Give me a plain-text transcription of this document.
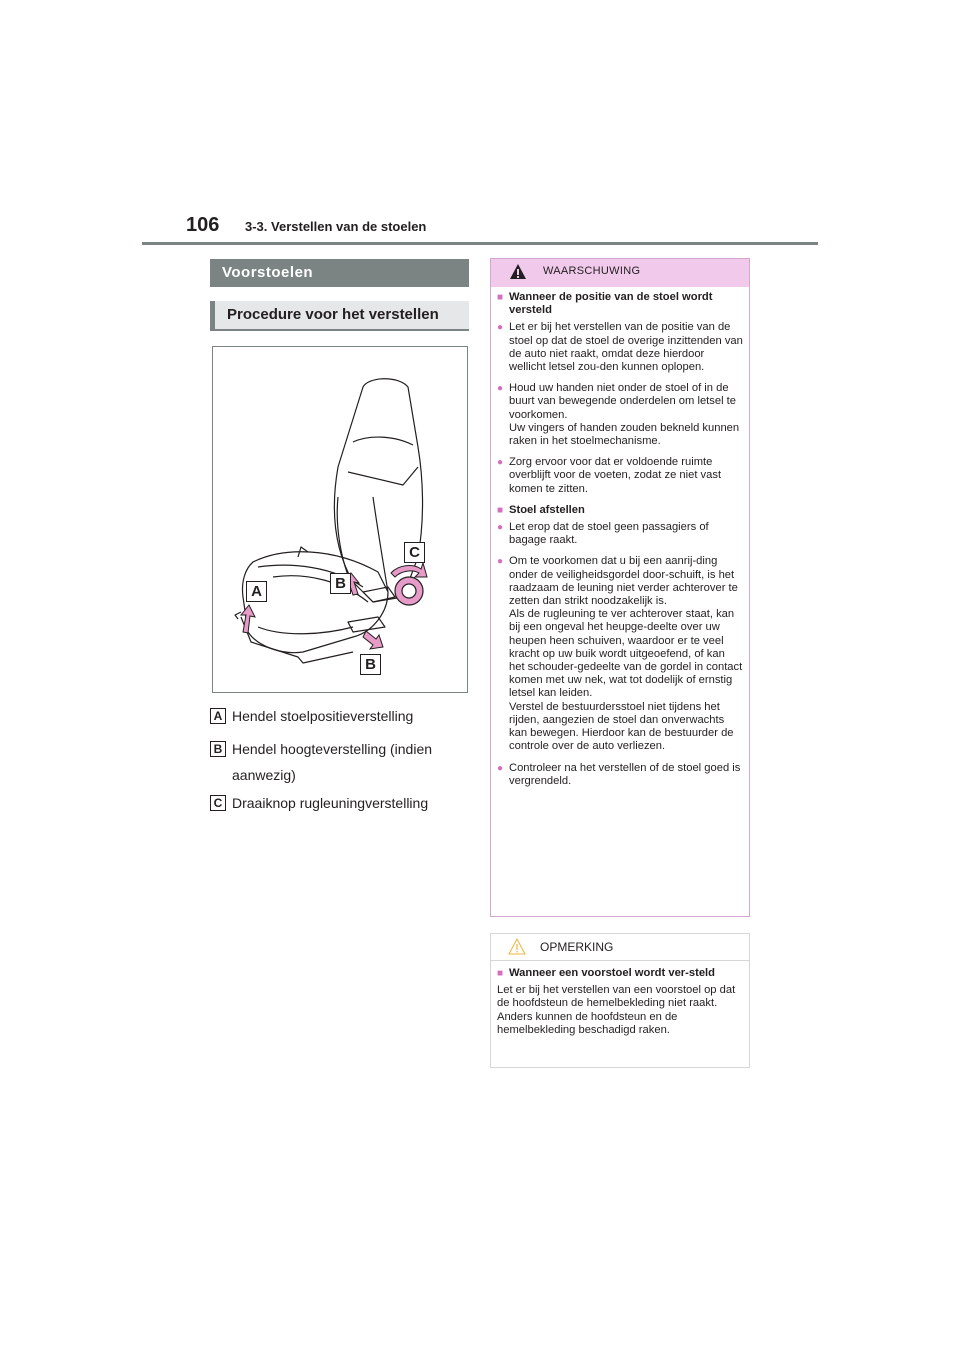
106 3-3. Verstellen van de stoelen
Voorstoelen
Procedure voor het verstellen
A	B
B
C
A Hendel stoelpositieverstelling
B Hendel hoogteverstelling (indien aanwezig)
C Draaiknop rugleuningverstelling
WAARSCHUWING
■ Wanneer de positie van de stoel wordt versteld
● Let er bij het verstellen van de positie van de stoel op dat de stoel de overige inzittenden van de auto niet raakt, omdat deze hierdoor wellicht letsel zou-den kunnen oplopen.
● Houd uw handen niet onder de stoel of in de buurt van bewegende onderdelen om letsel te voorkomen.
Uw vingers of handen zouden bekneld kunnen raken in het stoelmechanisme.
● Zorg ervoor voor dat er voldoende ruimte overblijft voor de voeten, zodat ze niet vast komen te zitten.
■ Stoel afstellen
● Let erop dat de stoel geen passagiers of bagage raakt.
● Om te voorkomen dat u bij een aanrij-ding onder de veiligheidsgordel door-schuift, is het raadzaam de leuning niet verder achterover te zetten dan strikt noodzakelijk is.
Als de rugleuning te ver achterover staat, kan bij een ongeval het heupge-deelte over uw heupen heen schuiven, waardoor er te veel kracht op uw buik wordt uitgeoefend, of kan het schouder-gedeelte van de gordel in contact komen met uw nek, wat tot dodelijk of ernstig letsel kan leiden.
Verstel de bestuurdersstoel niet tijdens het rijden, aangezien de stoel dan onverwachts kan bewegen. Hierdoor kan de bestuurder de controle over de auto verliezen.
● Controleer na het verstellen of de stoel goed is vergrendeld.
OPMERKING
■ Wanneer een voorstoel wordt ver-steld
Let er bij het verstellen van een voorstoel op dat de hoofdsteun de hemelbekleding niet raakt. Anders kunnen de hoofdsteun en de hemelbekleding beschadigd raken.
